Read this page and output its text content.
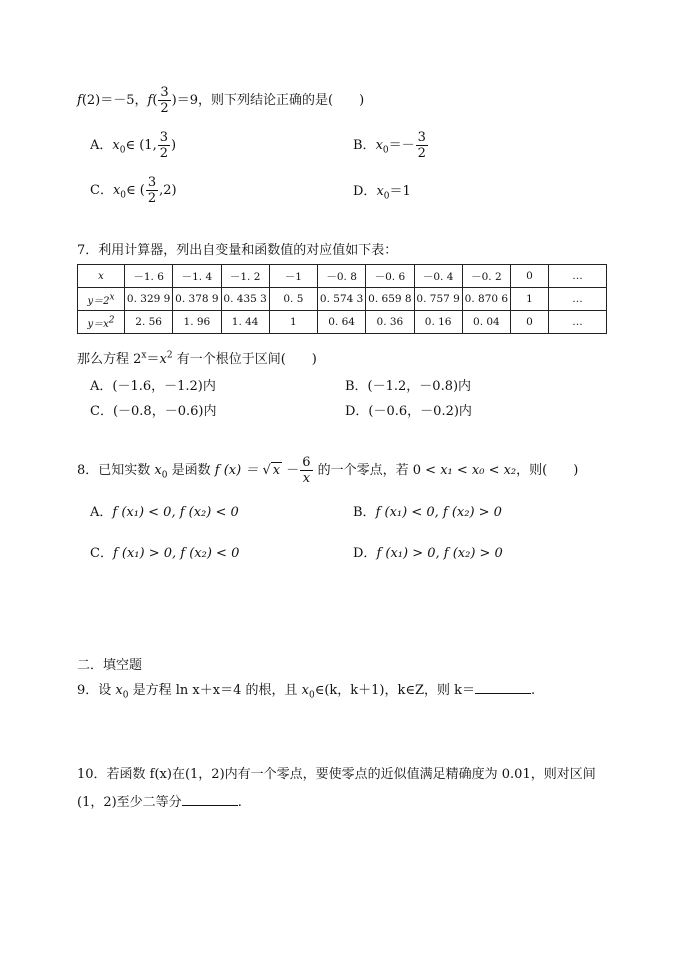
f(2)＝－5，$f( \frac{3}{2} )=9$，则下列结论正确的是(　　)
A．$x_0\in$ (1, $\frac{3}{2}$ )	B．$x_0=- \frac{3}{2}$
C．$x_0\in$ ( $\frac{3}{2} ,2$)	D．$x_0=1$
7．利用计算器，列出自变量和函数值的对应值如下表：
x	－1. 6	－1. 4	－1. 2	－1	－0. 8	－0. 6	－0. 4	－0. 2	0	…
$y=2^x$	0. 329 9	0. 378 9	0. 435 3	0. 5	0. 574 3	0. 659 8	0. 757 9	0. 870 6	1	…
$y=x^2$	2. 56	1. 96	1. 44	1	0. 64	0. 36	0. 16	0. 04	0	…
那么方程 $2^x=x^2$ 有一个根位于区间(　　)
A．(－1.6，－1.2)内	B．(－1.2，－0.8)内
C．(－0.8，－0.6)内	D．(－0.6，－0.2)内
8．已知实数 $x_0$ 是函数 f (x) ＝ √ $x - \frac{6}{x}$ 的一个零点，若 0 < x₁ < x₀ < x₂，则(　　)
A．f (x₁) < 0, f (x₂) < 0	B．f (x₁) < 0, f (x₂) > 0
C．f (x₁) > 0, f (x₂) < 0	D．f (x₁) > 0, f (x₂) > 0
二．填空题
9．设 $x_0$ 是方程 ln x＋x＝4 的根，且 $x_0\in(k$，k＋1)，k∈Z，则 k＝	.
10．若函数 f(x)在(1，2)内有一个零点，要使零点的近似值满足精确度为 0.01，则对区间
(1，2)至少二等分	.
